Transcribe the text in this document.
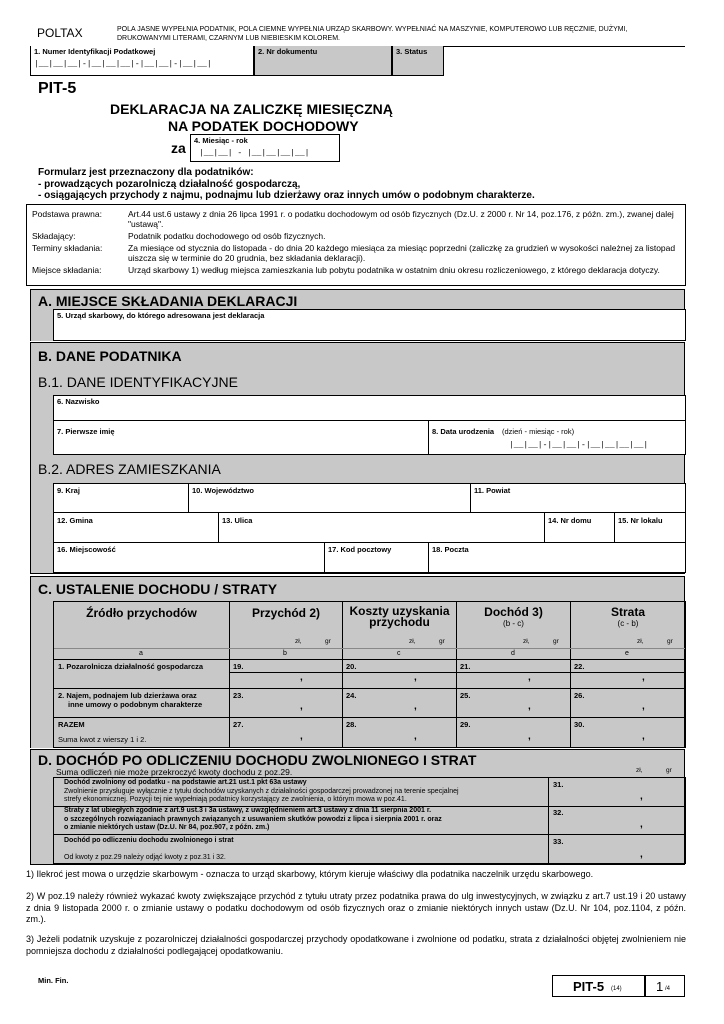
POLTAX	POLA JASNE WYPEŁNIA PODATNIK, POLA CIEMNE WYPEŁNIA URZĄD SKARBOWY. WYPEŁNIAĆ NA MASZYNIE, KOMPUTEROWO LUB RĘCZNIE, DUŻYMI, DRUKOWANYMI LITERAMI, CZARNYM LUB NIEBIESKIM KOLOREM.
1. Numer Identyfikacji Podatkowej
|__|__|__|-|__|__|__|-|__|__|-|__|__|
2. Nr dokumentu	3. Status
PIT-5
DEKLARACJA NA ZALICZKĘ MIESIĘCZNĄ
NA PODATEK DOCHODOWY
za 4. Miesiąc - rok
|__|__| - |__|__|__|__|
Formularz jest przeznaczony dla podatników:
- prowadzących pozarolniczą działalność gospodarczą,
- osiągających przychody z najmu, podnajmu lub dzierżawy oraz innych umów o podobnym charakterze.
Podstawa prawna:	Art.44 ust.6 ustawy z dnia 26 lipca 1991 r. o podatku dochodowym od osób fizycznych (Dz.U. z 2000 r. Nr 14, poz.176, z późn. zm.), zwanej dalej "ustawą".
Składający:	Podatnik podatku dochodowego od osób fizycznych.
Terminy składania:	Za miesiące od stycznia do listopada - do dnia 20 każdego miesiąca za miesiąc poprzedni (zaliczkę za grudzień w wysokości należnej za listopad uiszcza się w terminie do 20 grudnia, bez składania deklaracji).
Miejsce składania:	Urząd skarbowy 1) według miejsca zamieszkania lub pobytu podatnika w ostatnim dniu okresu rozliczeniowego, z którego deklaracja dotyczy.
A. MIEJSCE SKŁADANIA DEKLARACJI
5. Urząd skarbowy, do którego adresowana jest deklaracja
B. DANE PODATNIKA
B.1. DANE IDENTYFIKACYJNE
6. Nazwisko
7. Pierwsze imię	8. Data urodzenia (dzień - miesiąc - rok)
|__|__|-|__|__|-|__|__|__|__|
B.2. ADRES ZAMIESZKANIA
9. Kraj	10. Województwo	11. Powiat
12. Gmina	13. Ulica	14. Nr domu	15. Nr lokalu
16. Miejscowość	17. Kod pocztowy	18. Poczta
C. USTALENIE DOCHODU / STRATY
Źródło przychodów	Przychód 2)	Koszty uzyskania
przychodu
Dochód 3)
(b - c)
Strata
(c - b)
zł,	gr	zł,	gr	zł,	gr	zł,	gr
a	b	c	d	e
1. Pozarolnicza działalność gospodarcza	19.	20.	21.	22.
,	,	,	,
2. Najem, podnajem lub dzierżawa oraz
inne umowy o podobnym charakterze
23.	24.	25.	26.
,	,	,	,
RAZEM
Suma kwot z wierszy 1 i 2.
27.	28.	29.	30.
,	,	,	,
D. DOCHÓD PO ODLICZENIU DOCHODU ZWOLNIONEGO I STRAT
Suma odliczeń nie może przekroczyć kwoty dochodu z poz.29.	zł,	gr
Dochód zwolniony od podatku - na podstawie art.21 ust.1 pkt 63a ustawy
Zwolnienie przysługuje wyłącznie z tytułu dochodów uzyskanych z działalności gospodarczej prowadzonej na terenie specjalnej
strefy ekonomicznej. Pozycji tej nie wypełniają podatnicy korzystający ze zwolnienia, o którym mowa w poz.41.
31.
,
Straty z lat ubiegłych zgodnie z art.9 ust.3 i 3a ustawy, z uwzględnieniem art.3 ustawy z dnia 11 sierpnia 2001 r.
o szczególnych rozwiązaniach prawnych związanych z usuwaniem skutków powodzi z lipca i sierpnia 2001 r. oraz
o zmianie niektórych ustaw (Dz.U. Nr 84, poz.907, z późn. zm.)
32.
,
Dochód po odliczeniu dochodu zwolnionego i strat
Od kwoty z poz.29 należy odjąć kwoty z poz.31 i 32.
33.
,
1) Ilekroć jest mowa o urzędzie skarbowym - oznacza to urząd skarbowy, którym kieruje właściwy dla podatnika naczelnik urzędu skarbowego.
2) W poz.19 należy również wykazać kwoty zwiększające przychód z tytułu utraty przez podatnika prawa do ulg inwestycyjnych, w związku z art.7 ust.19 i 20 ustawy z dnia 9 listopada 2000 r. o zmianie ustawy o podatku dochodowym od osób fizycznych oraz o zmianie niektórych innych ustaw (Dz.U. Nr 104, poz.1104, z późn. zm.).
3) Jeżeli podatnik uzyskuje z pozarolniczej działalności gospodarczej przychody opodatkowane i zwolnione od podatku, strata z działalności objętej zwolnieniem nie pomniejsza dochodu z działalności podlegającej opodatkowaniu.
Min. Fin.	PIT-5 (14)	1 /4
